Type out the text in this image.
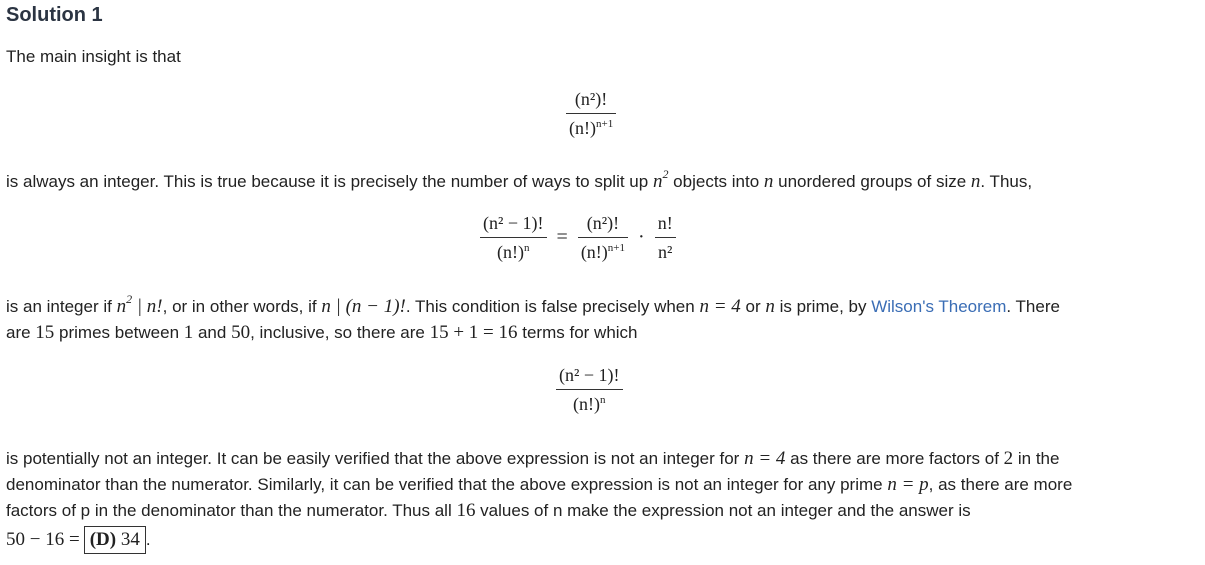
Solution 1
The main insight is that
$\frac{\text{(n²)!}}{(n!)^{n+1}}$
is always an integer. This is true because it is precisely the number of ways to split up $n^2$ objects into n unordered groups of size n. Thus,
$\frac{\text{(n² − 1)!}}{(n!)^n} = \frac{\text{(n²)!}}{(n!)^{n+1}} \cdot \frac{n!}{\text{n²}}$
is an integer if $n^2$ | n!, or in other words, if n | (n − 1)!. This condition is false precisely when n = 4 or n is prime, by Wilson's Theorem. There
are 15 primes between 1 and 50, inclusive, so there are 15 + 1 = 16 terms for which
$\frac{\text{(n² − 1)!}}{(n!)^n}$
is potentially not an integer. It can be easily verified that the above expression is not an integer for n = 4 as there are more factors of 2 in the
denominator than the numerator. Similarly, it can be verified that the above expression is not an integer for any prime n = p, as there are more
factors of p in the denominator than the numerator. Thus all 16 values of n make the expression not an integer and the answer is
50 − 16 = (D) 34 .
